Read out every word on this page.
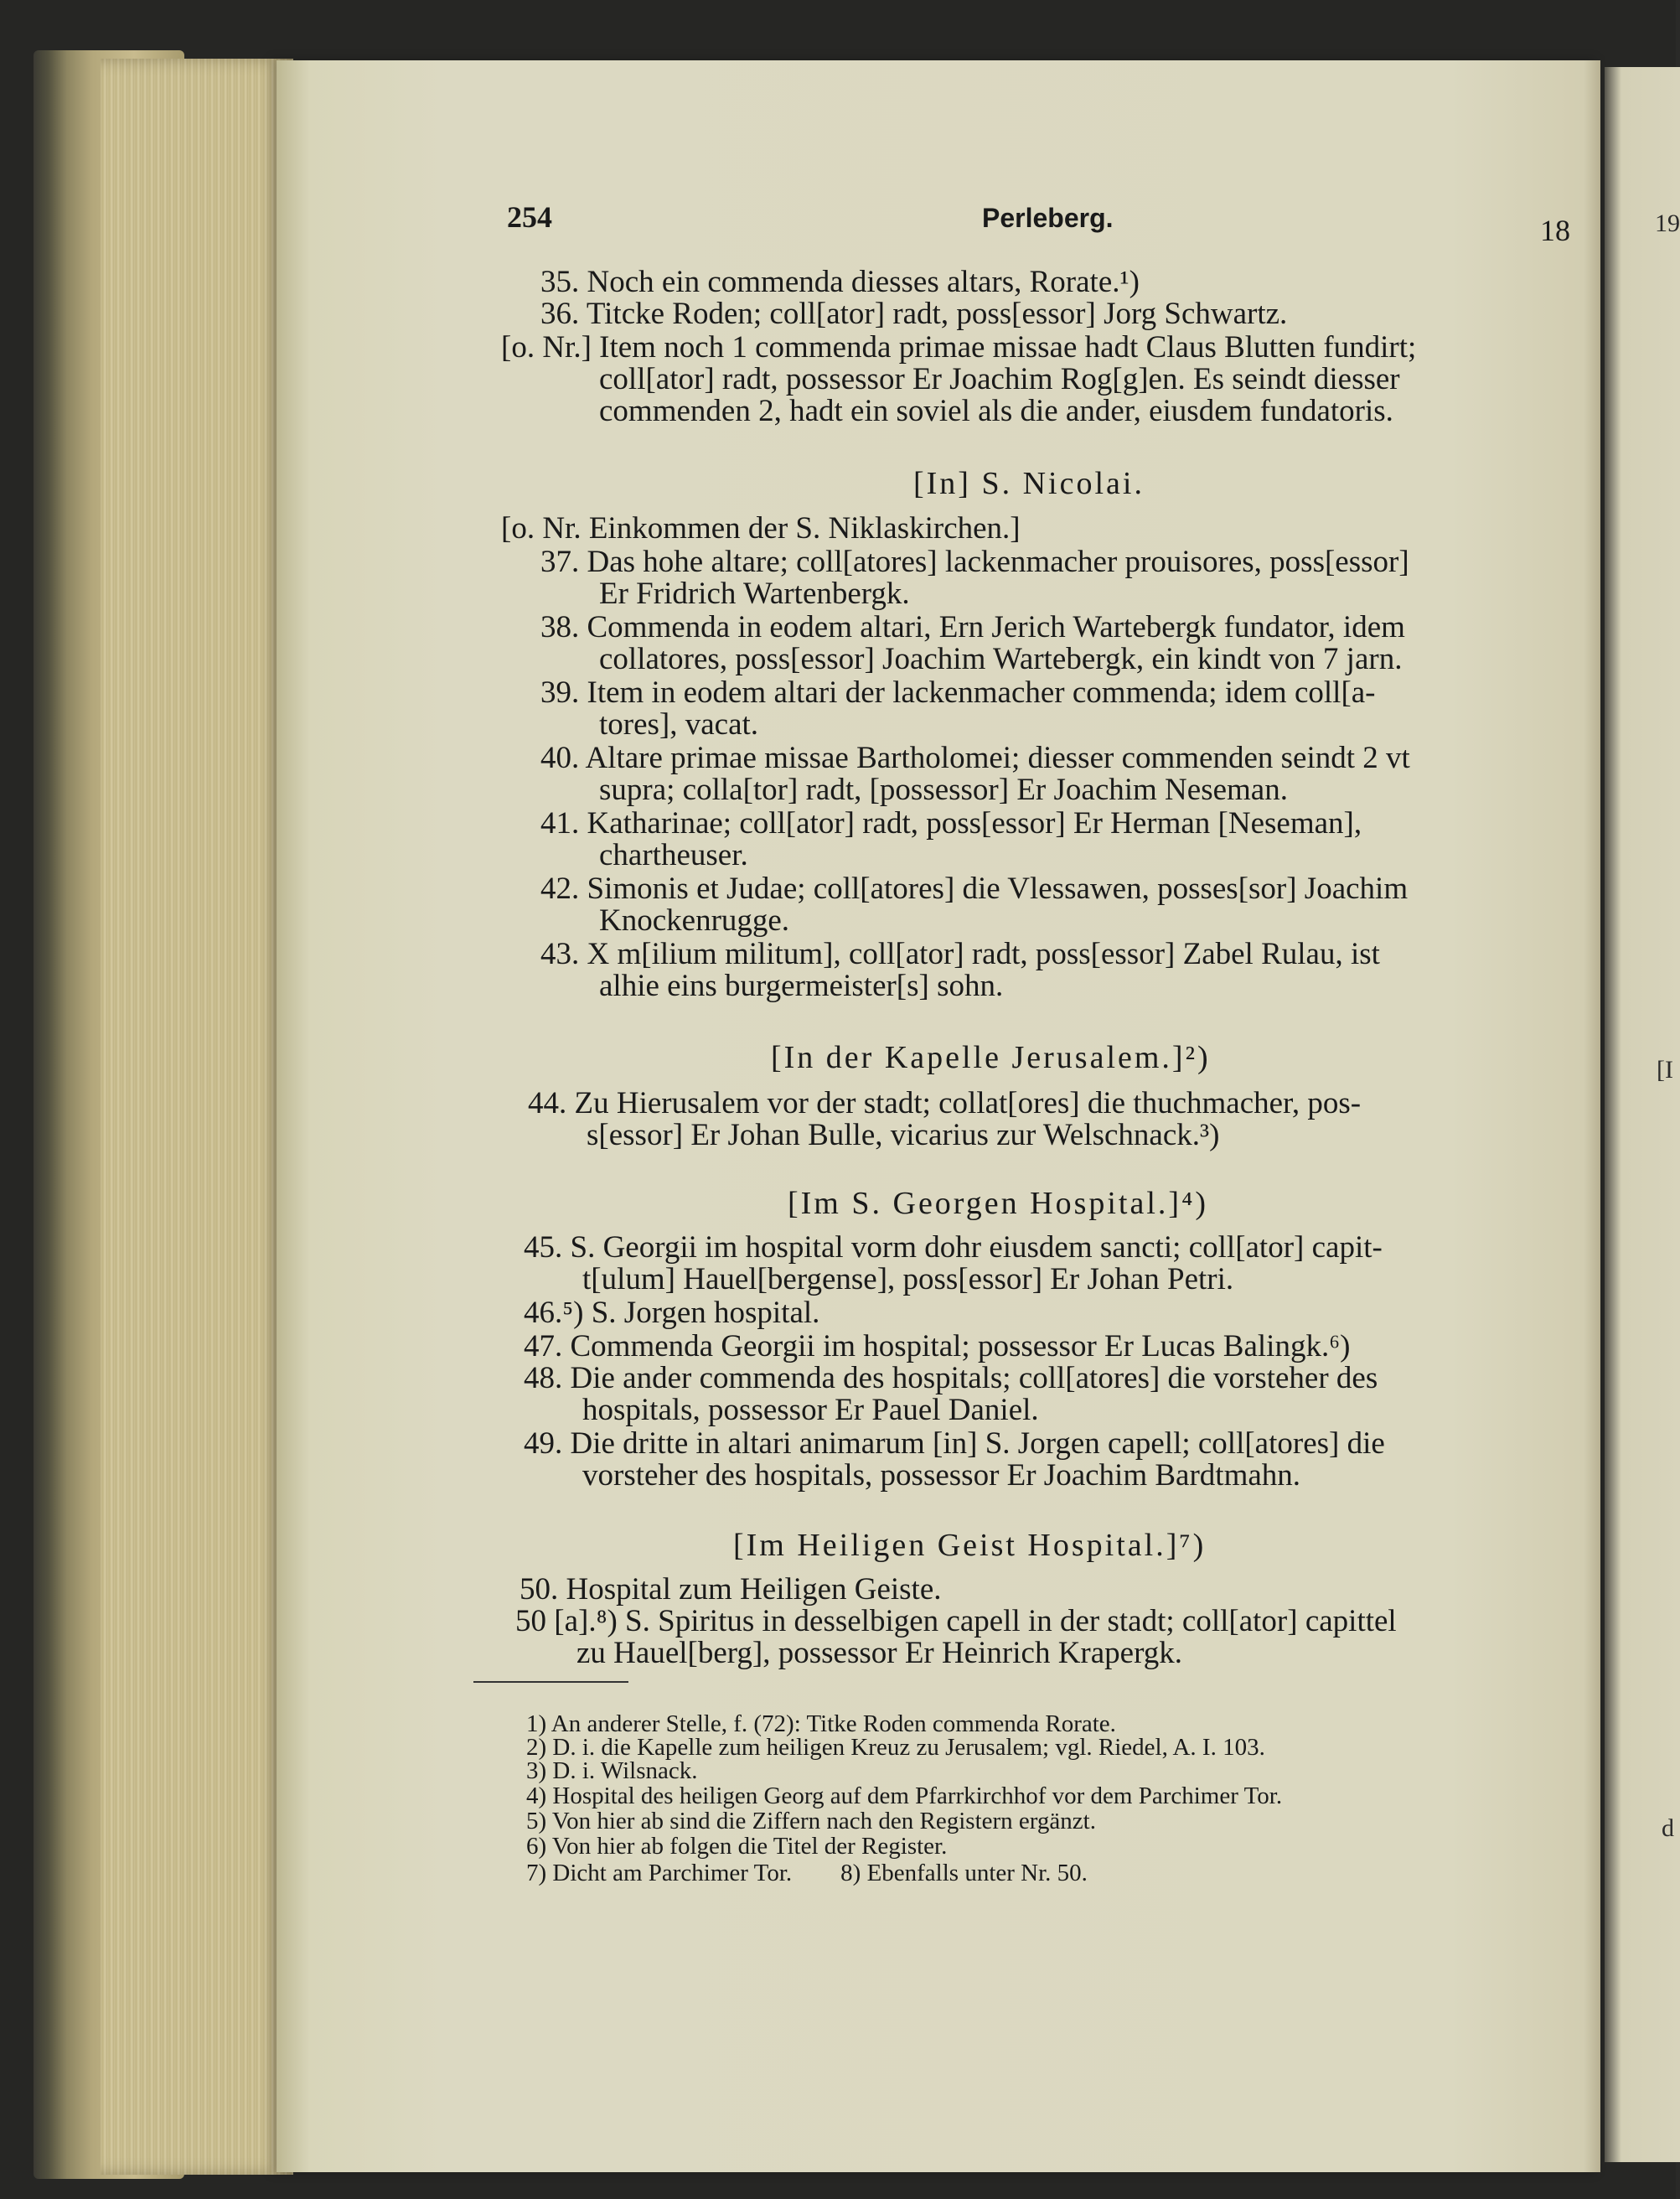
19
[I
d
254	Perleberg.	18
35. Noch ein commenda diesses altars, Rorate.¹)
36. Titcke Roden; coll[ator] radt, poss[essor] Jorg Schwartz.
[o. Nr.] Item noch 1 commenda primae missae hadt Claus Blutten fundirt;
coll[ator] radt, possessor Er Joachim Rog[g]en. Es seindt diesser
commenden 2, hadt ein soviel als die ander, eiusdem fundatoris.
[In] S. Nicolai.
[o. Nr. Einkommen der S. Niklaskirchen.]
37. Das hohe altare; coll[atores] lackenmacher prouisores, poss[essor]
Er Fridrich Wartenbergk.
38. Commenda in eodem altari, Ern Jerich Wartebergk fundator, idem
collatores, poss[essor] Joachim Wartebergk, ein kindt von 7 jarn.
39. Item in eodem altari der lackenmacher commenda; idem coll[a-
tores], vacat.
40. Altare primae missae Bartholomei; diesser commenden seindt 2 vt
supra; colla[tor] radt, [possessor] Er Joachim Neseman.
41. Katharinae; coll[ator] radt, poss[essor] Er Herman [Neseman],
chartheuser.
42. Simonis et Judae; coll[atores] die Vlessawen, posses[sor] Joachim
Knockenrugge.
43. X m[ilium militum], coll[ator] radt, poss[essor] Zabel Rulau, ist
alhie eins burgermeister[s] sohn.
[In der Kapelle Jerusalem.]²)
44. Zu Hierusalem vor der stadt; collat[ores] die thuchmacher, pos-
s[essor] Er Johan Bulle, vicarius zur Welschnack.³)
[Im S. Georgen Hospital.]⁴)
45. S. Georgii im hospital vorm dohr eiusdem sancti; coll[ator] capit-
t[ulum] Hauel[bergense], poss[essor] Er Johan Petri.
46.⁵) S. Jorgen hospital.
47. Commenda Georgii im hospital; possessor Er Lucas Balingk.⁶)
48. Die ander commenda des hospitals; coll[atores] die vorsteher des
hospitals, possessor Er Pauel Daniel.
49. Die dritte in altari animarum [in] S. Jorgen capell; coll[atores] die
vorsteher des hospitals, possessor Er Joachim Bardtmahn.
[Im Heiligen Geist Hospital.]⁷)
50. Hospital zum Heiligen Geiste.
50 [a].⁸) S. Spiritus in desselbigen capell in der stadt; coll[ator] capittel
zu Hauel[berg], possessor Er Heinrich Krapergk.
1) An anderer Stelle, f. (72): Titke Roden commenda Rorate.
2) D. i. die Kapelle zum heiligen Kreuz zu Jerusalem; vgl. Riedel, A. I. 103.
3) D. i. Wilsnack.
4) Hospital des heiligen Georg auf dem Pfarrkirchhof vor dem Parchimer Tor.
5) Von hier ab sind die Ziffern nach den Registern ergänzt.
6) Von hier ab folgen die Titel der Register.
7) Dicht am Parchimer Tor.        8) Ebenfalls unter Nr. 50.
